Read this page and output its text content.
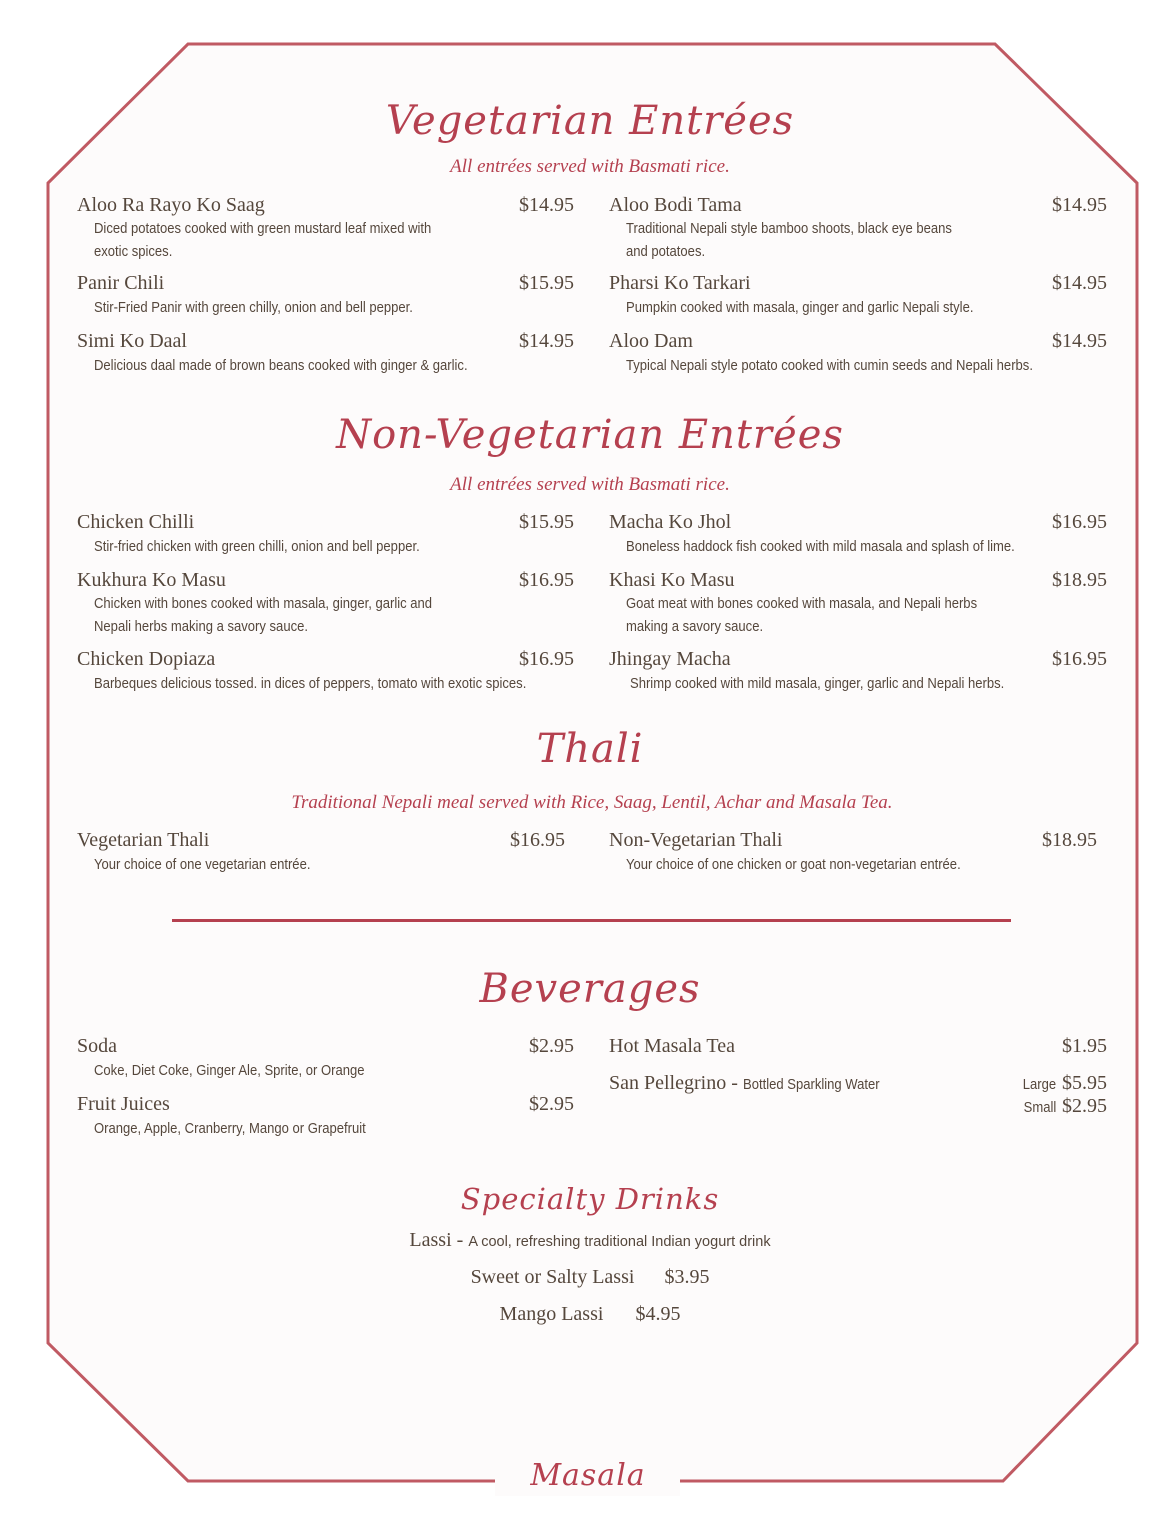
Vegetarian Entrées
All entrées served with Basmati rice.
Aloo Ra Rayo Ko Saag	$14.95
Diced potatoes cooked with green mustard leaf mixed with
exotic spices.
Panir Chili	$15.95
Stir-Fried Panir with green chilly, onion and bell pepper.
Simi Ko Daal	$14.95
Delicious daal made of brown beans cooked with ginger & garlic.
Aloo Bodi Tama	$14.95
Traditional Nepali style bamboo shoots, black eye beans
and potatoes.
Pharsi Ko Tarkari	$14.95
Pumpkin cooked with masala, ginger and garlic Nepali style.
Aloo Dam	$14.95
Typical Nepali style potato cooked with cumin seeds and Nepali herbs.
Non-Vegetarian Entrées
All entrées served with Basmati rice.
Chicken Chilli	$15.95
Stir-fried chicken with green chilli, onion and bell pepper.
Kukhura Ko Masu	$16.95
Chicken with bones cooked with masala, ginger, garlic and
Nepali herbs making a savory sauce.
Chicken Dopiaza	$16.95
Barbeques delicious tossed. in dices of peppers, tomato with exotic spices.
Macha Ko Jhol	$16.95
Boneless haddock fish cooked with mild masala and splash of lime.
Khasi Ko Masu	$18.95
Goat meat with bones cooked with masala, and Nepali herbs
making a savory sauce.
Jhingay Macha	$16.95
Shrimp cooked with mild masala, ginger, garlic and Nepali herbs.
Thali
Traditional Nepali meal served with Rice, Saag, Lentil, Achar and Masala Tea.
Vegetarian Thali	$16.95
Your choice of one vegetarian entrée.
Non-Vegetarian Thali	$18.95
Your choice of one chicken or goat non-vegetarian entrée.
Beverages
Soda	$2.95
Coke, Diet Coke, Ginger Ale, Sprite, or Orange
Fruit Juices	$2.95
Orange, Apple, Cranberry, Mango or Grapefruit
Hot Masala Tea	$1.95
San Pellegrino - Bottled Sparkling Water	Large $5.95
Small $2.95
Specialty Drinks
Lassi - A cool, refreshing traditional Indian yogurt drink
Sweet or Salty Lassi $3.95
Mango Lassi $4.95
Masala
